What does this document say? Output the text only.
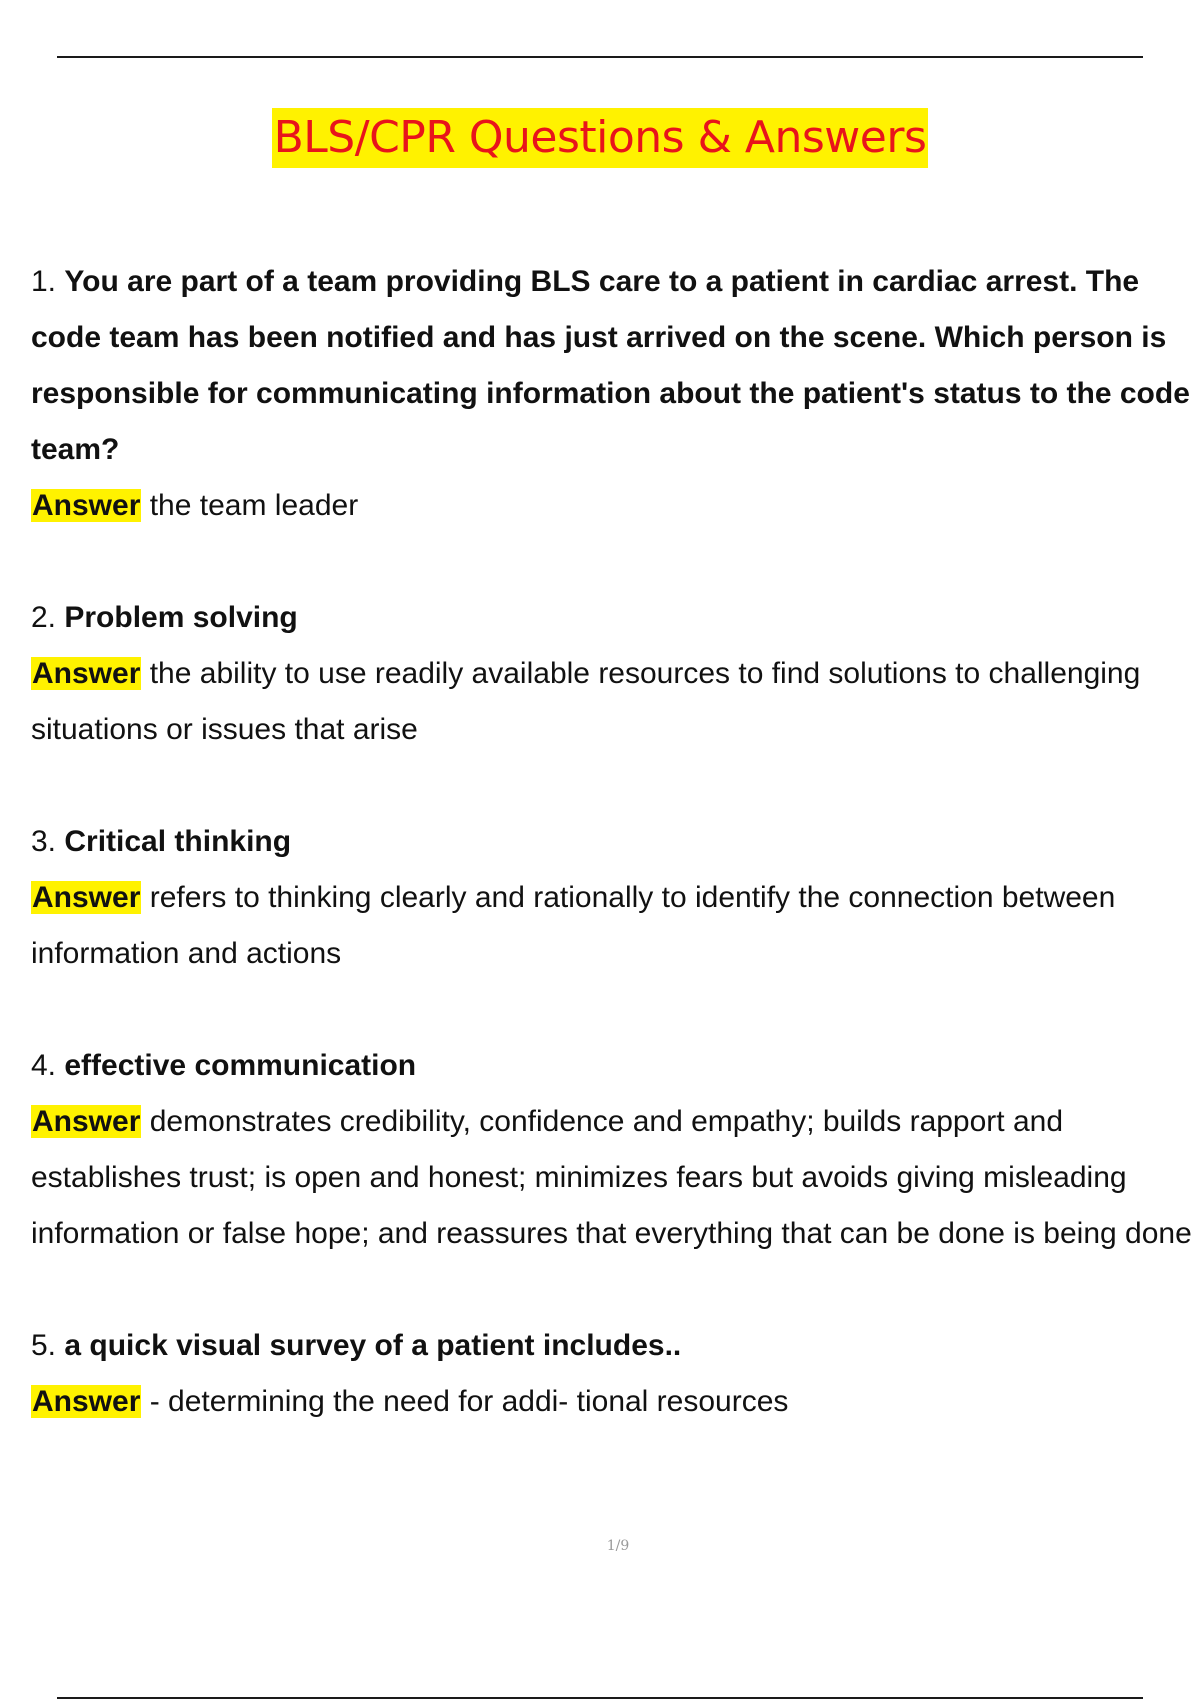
BLS/CPR Questions & Answers

1. You are part of a team providing BLS care to a patient in cardiac arrest. The code team has been notified and has just arrived on the scene. Which person is responsible for communicating information about the patient's status to the code team?

Answer the team leader

2. Problem solving

Answer the ability to use readily available resources to find solutions to challenging situations or issues that arise

3. Critical thinking

Answer refers to thinking clearly and rationally to identify the connection between information and actions

4. effective communication

Answer demonstrates credibility, confidence and empathy; builds rapport and establishes trust; is open and honest; minimizes fears but avoids giving misleading information or false hope; and reassures that everything that can be done is being done

5. a quick visual survey of a patient includes..

Answer - determining the need for addi- tional resources

1/9
